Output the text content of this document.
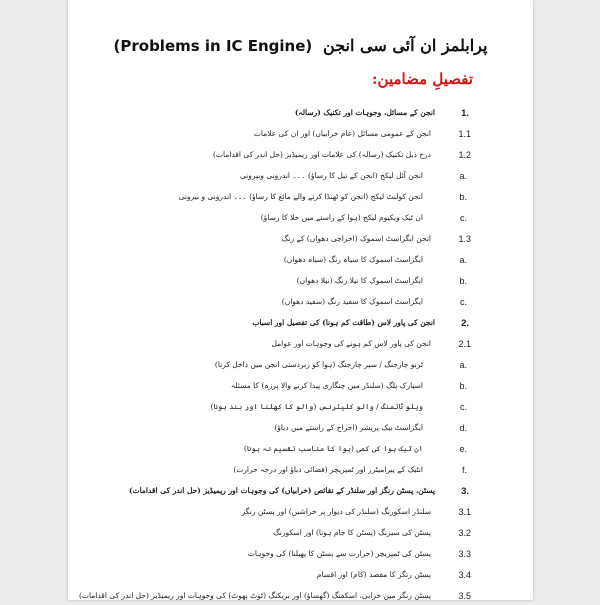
(Problems in IC Engine) پرابلمز ان آئی سی انجن
تفصیلِ مضامین:
1.
انجن کے مسائل، وجوہات اور تکنیک (رسالہ)
1.1
انجن کے عمومی مسائل (عام خرابیاں) اور ان کی علامات
1.2
درج ذیل تکنیک (رسالہ) کی علامات اور ریمیڈیز (حل اندر کی اقدامات)
a.
انجن آئل لیکج (انجن کے تیل کا رساؤ) ۔۔۔ اندرونی وبیرونی
b.
انجن کولنٹ لیکج (انجن کو ٹھنڈا کرنے والے مائع کا رساؤ) ۔۔۔ اندرونی و بیرونی
c.
ان ٹیک ویکیوم لیکج (ہوا کے راستے میں خلا کا رساؤ)
1.3
انجن ایگزاسٹ اسموک (اخراجی دھواں) کے رنگ
a.
ایگزاسٹ اسموک کا سیاہ رنگ (سیاہ دھواں)
b.
ایگزاسٹ اسموک کا نیلا رنگ (نیلا دھواں)
c.
ایگزاسٹ اسموک کا سفید رنگ (سفید دھواں)
2.
انجن کی پاور لاس (طاقت کم ہونا) کی تفصیل اور اسباب
2.1
انجن کی پاور لاس کم ہونے کی وجوہات اور عوامل
a.
ٹربو چارجنگ / سپر چارجنگ (ہوا کو زبردستی انجن میں داخل کرنا)
b.
اسپارک پلگ (سلنڈر میں چنگاری پیدا کرنے والا پرزہ) کا مسئلہ
c.
ویلو ٹائمنگ / والو کلیئرنس (والو کا کھلنا اور بند ہونا)
d.
ایگزاسٹ بیک پریشر (اخراج کے راستے میں دباؤ)
e.
ان ٹیک ہوا کی کمی (ہوا کا مناسب تقسیم نہ ہونا)
f.
انٹیک کے پیرامیٹرز اور ٹمپریچر (فضائی دباؤ اور درجہ حرارت)
3.
پسٹن، پسٹن رنگز اور سلنڈر کے نقائص (خرابیاں) کی وجوہات اور ریمیڈیز (حل اندر کی اقدامات)
3.1
سلنڈر اسکورنگ (سلنڈر کی دیوار پر خراشیں) اور پسٹن رنگز
3.2
پسٹن کی سیزنگ (پسٹن کا جام ہونا) اور اسکورنگ
3.3
پسٹن کی ٹمپریچر (حرارت سے پسٹن کا پھیلنا) کی وجوہات
3.4
پسٹن رنگز کا مقصد (کام) اور اقسام
3.5
پسٹن رنگز میں خرابی، اسکفنگ (گھساؤ) اور بریکنگ (ٹوٹ پھوٹ) کی وجوہات اور ریمیڈیز (حل اندر کی اقدامات)
